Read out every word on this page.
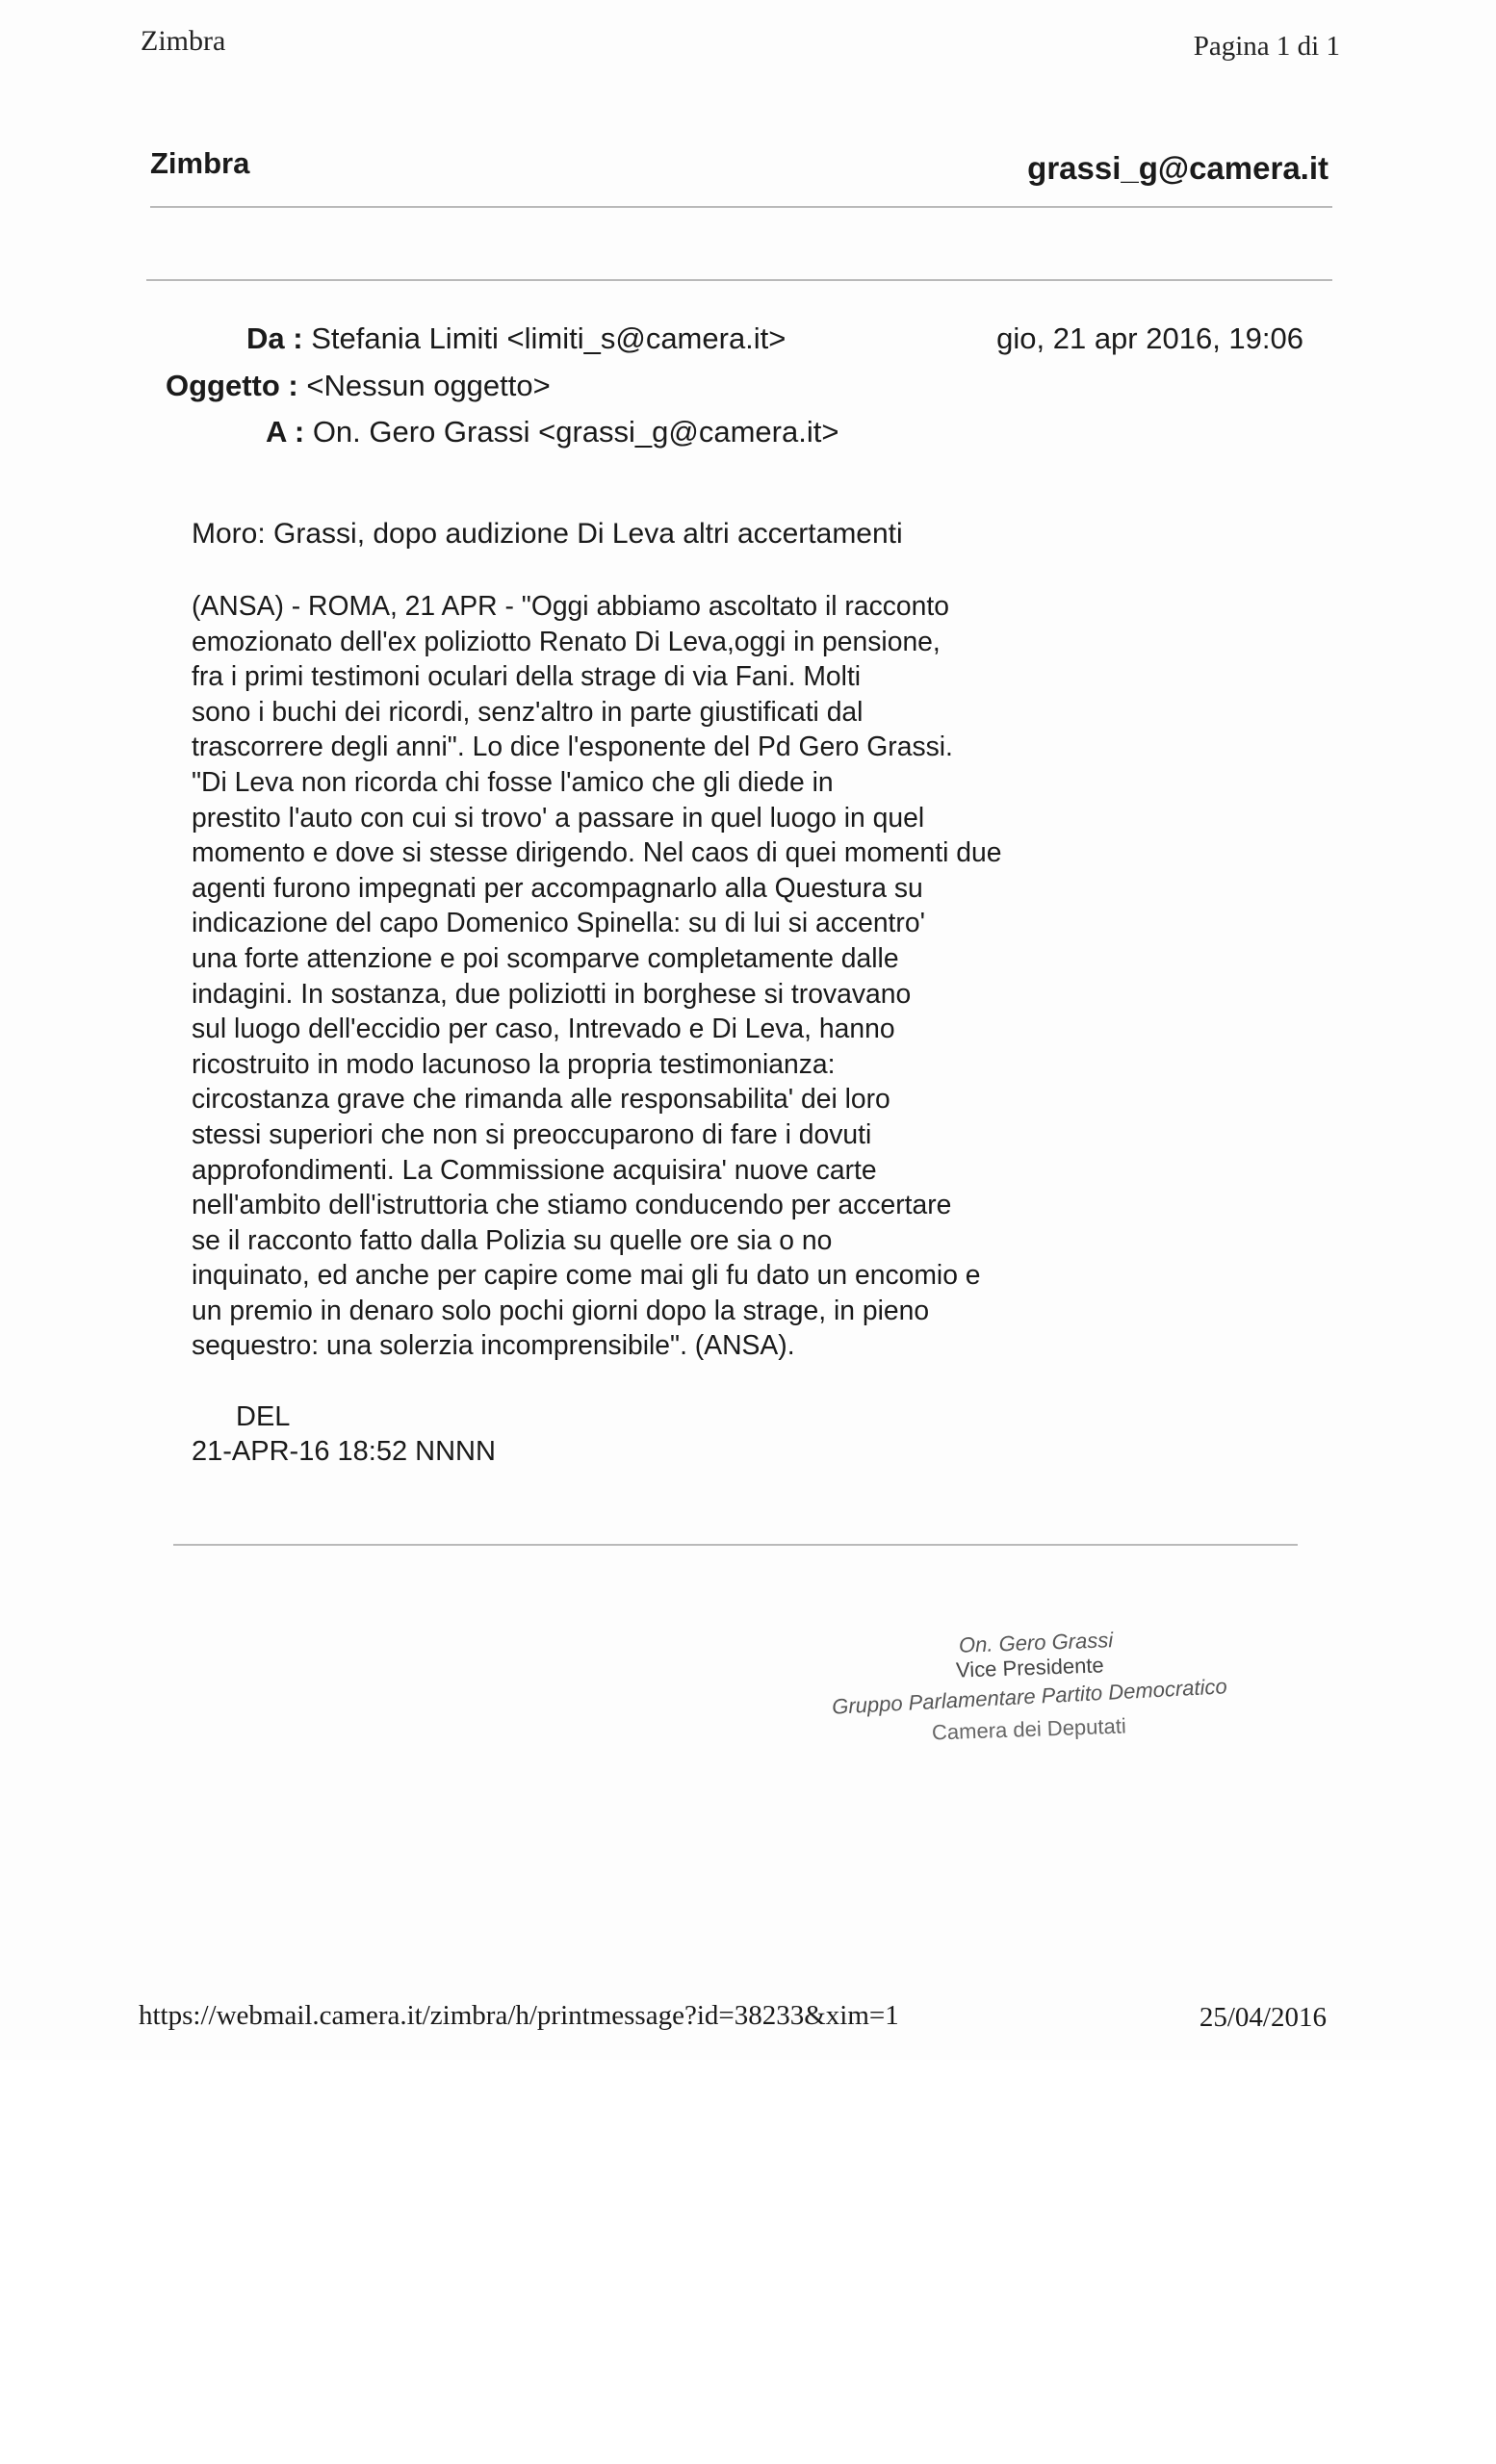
Zimbra	Pagina 1 di 1
Zimbra	grassi_g@camera.it
Da : Stefania Limiti <limiti_s@camera.it>	gio, 21 apr 2016, 19:06
Oggetto : <Nessun oggetto>
A : On. Gero Grassi <grassi_g@camera.it>
Moro: Grassi, dopo audizione Di Leva altri accertamenti
(ANSA) - ROMA, 21 APR - "Oggi abbiamo ascoltato il racconto
emozionato dell'ex poliziotto Renato Di Leva,oggi in pensione,
fra i primi testimoni oculari della strage di via Fani. Molti
sono i buchi dei ricordi, senz'altro in parte giustificati dal
trascorrere degli anni". Lo dice l'esponente del Pd Gero Grassi.
"Di Leva non ricorda chi fosse l'amico che gli diede in
prestito l'auto con cui si trovo' a passare in quel luogo in quel
momento e dove si stesse dirigendo. Nel caos di quei momenti due
agenti furono impegnati per accompagnarlo alla Questura su
indicazione del capo Domenico Spinella: su di lui si accentro'
una forte attenzione e poi scomparve completamente dalle
indagini. In sostanza, due poliziotti in borghese si trovavano
sul luogo dell'eccidio per caso, Intrevado e Di Leva, hanno
ricostruito in modo lacunoso la propria testimonianza:
circostanza grave che rimanda alle responsabilita' dei loro
stessi superiori che non si preoccuparono di fare i dovuti
approfondimenti. La Commissione acquisira' nuove carte
nell'ambito dell'istruttoria che stiamo conducendo per accertare
se il racconto fatto dalla Polizia su quelle ore sia o no
inquinato, ed anche per capire come mai gli fu dato un encomio e
un premio in denaro solo pochi giorni dopo la strage, in pieno
sequestro: una solerzia incomprensibile". (ANSA).
DEL
21-APR-16 18:52 NNNN
On. Gero Grassi
Vice Presidente
Gruppo Parlamentare Partito Democratico
Camera dei Deputati
https://webmail.camera.it/zimbra/h/printmessage?id=38233&xim=1	25/04/2016
